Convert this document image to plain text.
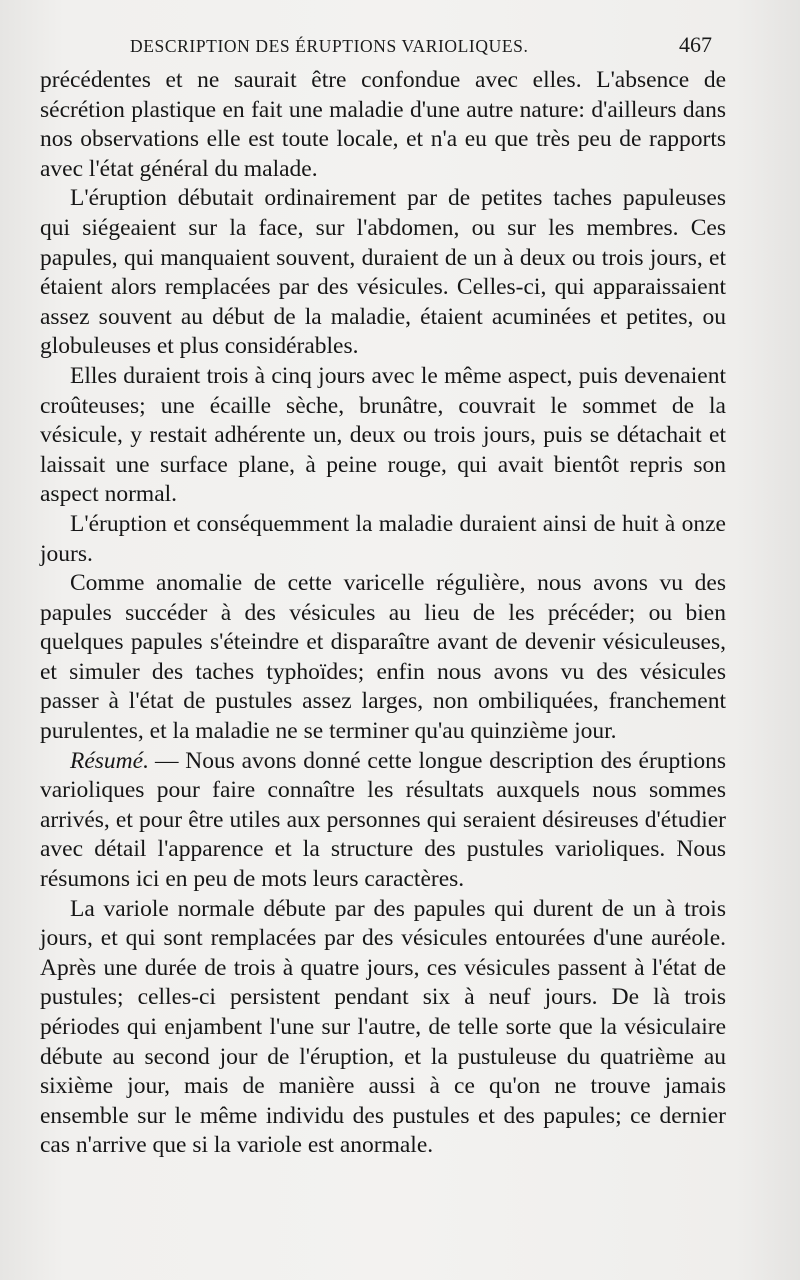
DESCRIPTION DES ÉRUPTIONS VARIOLIQUES.	467

précédentes et ne saurait être confondue avec elles. L'absence de sécrétion plastique en fait une maladie d'une autre nature: d'ailleurs dans nos observations elle est toute locale, et n'a eu que très peu de rapports avec l'état général du malade.

L'éruption débutait ordinairement par de petites taches papuleuses qui siégeaient sur la face, sur l'abdomen, ou sur les membres. Ces papules, qui manquaient souvent, duraient de un à deux ou trois jours, et étaient alors remplacées par des vésicules. Celles-ci, qui apparaissaient assez souvent au début de la maladie, étaient acuminées et petites, ou globuleuses et plus considérables.

Elles duraient trois à cinq jours avec le même aspect, puis devenaient croûteuses; une écaille sèche, brunâtre, couvrait le sommet de la vésicule, y restait adhérente un, deux ou trois jours, puis se détachait et laissait une surface plane, à peine rouge, qui avait bientôt repris son aspect normal.

L'éruption et conséquemment la maladie duraient ainsi de huit à onze jours.

Comme anomalie de cette varicelle régulière, nous avons vu des papules succéder à des vésicules au lieu de les précéder; ou bien quelques papules s'éteindre et disparaître avant de devenir vésiculeuses, et simuler des taches typhoïdes; enfin nous avons vu des vésicules passer à l'état de pustules assez larges, non ombiliquées, franchement purulentes, et la maladie ne se terminer qu'au quinzième jour.

Résumé. — Nous avons donné cette longue description des éruptions varioliques pour faire connaître les résultats auxquels nous sommes arrivés, et pour être utiles aux personnes qui seraient désireuses d'étudier avec détail l'apparence et la structure des pustules varioliques. Nous résumons ici en peu de mots leurs caractères.

La variole normale débute par des papules qui durent de un à trois jours, et qui sont remplacées par des vésicules entourées d'une auréole. Après une durée de trois à quatre jours, ces vésicules passent à l'état de pustules; celles-ci persistent pendant six à neuf jours. De là trois périodes qui enjambent l'une sur l'autre, de telle sorte que la vésiculaire débute au second jour de l'éruption, et la pustuleuse du quatrième au sixième jour, mais de manière aussi à ce qu'on ne trouve jamais ensemble sur le même individu des pustules et des papules; ce dernier cas n'arrive que si la variole est anormale.
